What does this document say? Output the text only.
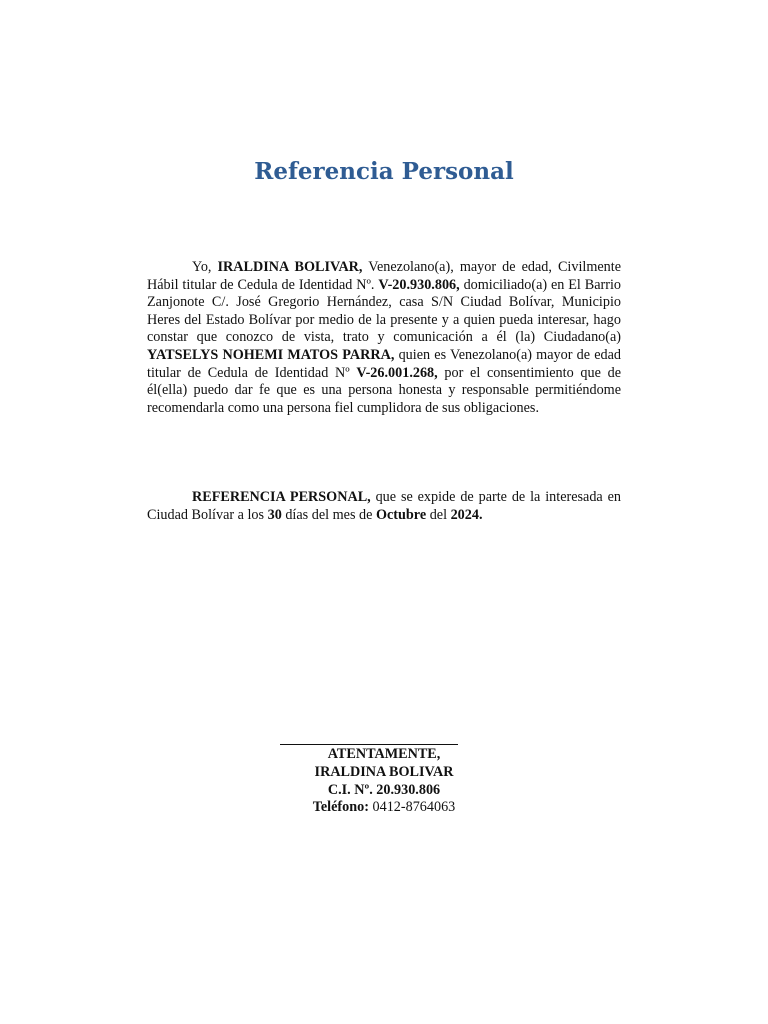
Referencia Personal

Yo, IRALDINA BOLIVAR, Venezolano(a), mayor de edad, Civilmente Hábil titular de Cedula de Identidad Nº. V-20.930.806, domiciliado(a) en El Barrio Zanjonote C/. José Gregorio Hernández, casa S/N Ciudad Bolívar, Municipio Heres del Estado Bolívar por medio de la presente y a quien pueda interesar, hago constar que conozco de vista, trato y comunicación a él (la) Ciudadano(a) YATSELYS NOHEMI MATOS PARRA, quien es Venezolano(a) mayor de edad titular de Cedula de Identidad Nº V-26.001.268, por el consentimiento que de él(ella) puedo dar fe que es una persona honesta y responsable permitiéndome recomendarla como una persona fiel cumplidora de sus obligaciones.

REFERENCIA PERSONAL, que se expide de parte de la interesada en Ciudad Bolívar a los 30 días del mes de Octubre del 2024.

ATENTAMENTE,
IRALDINA BOLIVAR
C.I. Nº. 20.930.806
Teléfono: 0412-8764063
